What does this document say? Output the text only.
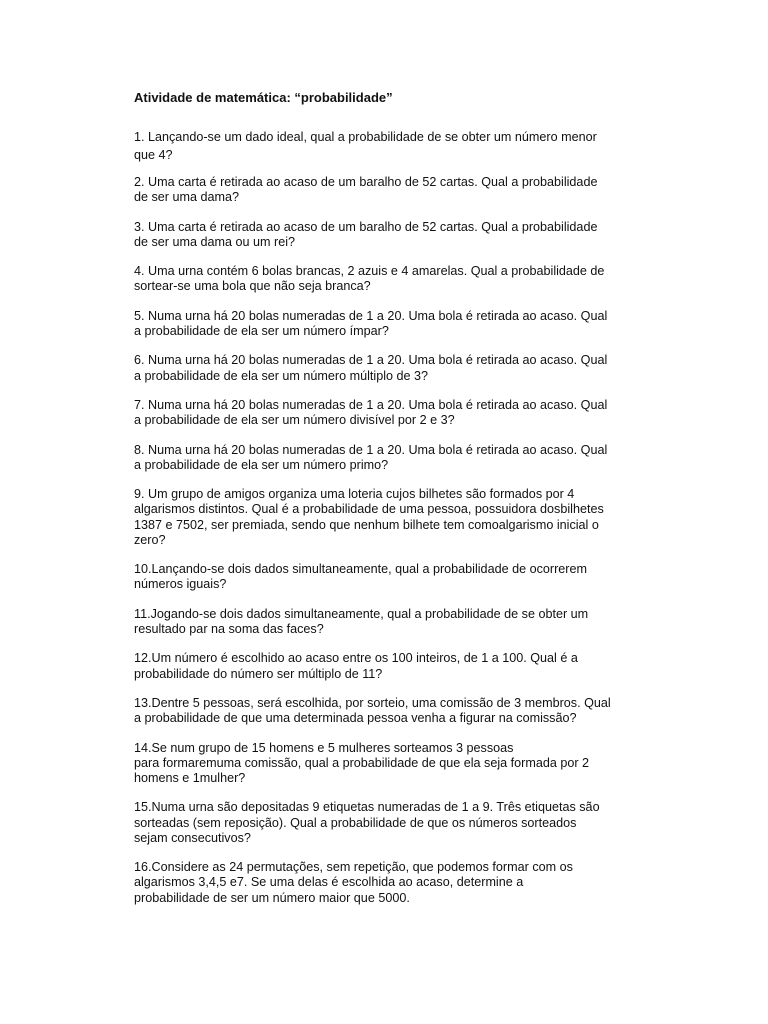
Atividade de matemática: “probabilidade”
1. Lançando-se um dado ideal, qual a probabilidade de se obter um número menor
que 4?
2. Uma carta é retirada ao acaso de um baralho de 52 cartas. Qual a probabilidade
de ser uma dama?
3. Uma carta é retirada ao acaso de um baralho de 52 cartas. Qual a probabilidade
de ser uma dama ou um rei?
4. Uma urna contém 6 bolas brancas, 2 azuis e 4 amarelas. Qual a probabilidade de
sortear-se uma bola que não seja branca?
5. Numa urna há 20 bolas numeradas de 1 a 20. Uma bola é retirada ao acaso. Qual
a probabilidade de ela ser um número ímpar?
6. Numa urna há 20 bolas numeradas de 1 a 20. Uma bola é retirada ao acaso. Qual
a probabilidade de ela ser um número múltiplo de 3?
7. Numa urna há 20 bolas numeradas de 1 a 20. Uma bola é retirada ao acaso. Qual
a probabilidade de ela ser um número divisível por 2 e 3?
8. Numa urna há 20 bolas numeradas de 1 a 20. Uma bola é retirada ao acaso. Qual
a probabilidade de ela ser um número primo?
9. Um grupo de amigos organiza uma loteria cujos bilhetes são formados por 4
algarismos distintos. Qual é a probabilidade de uma pessoa, possuidora dosbilhetes
1387 e 7502, ser premiada, sendo que nenhum bilhete tem comoalgarismo inicial o
zero?
10.Lançando-se dois dados simultaneamente, qual a probabilidade de ocorrerem
números iguais?
11.Jogando-se dois dados simultaneamente, qual a probabilidade de se obter um
resultado par na soma das faces?
12.Um número é escolhido ao acaso entre os 100 inteiros, de 1 a 100. Qual é a
probabilidade do número ser múltiplo de 11?
13.Dentre 5 pessoas, será escolhida, por sorteio, uma comissão de 3 membros. Qual
a probabilidade de que uma determinada pessoa venha a figurar na comissão?
14.Se num grupo de 15 homens e 5 mulheres sorteamos 3 pessoas
para formaremuma comissão, qual a probabilidade de que ela seja formada por 2
homens e 1mulher?
15.Numa urna são depositadas 9 etiquetas numeradas de 1 a 9. Três etiquetas são
sorteadas (sem reposição). Qual a probabilidade de que os números sorteados
sejam consecutivos?
16.Considere as 24 permutações, sem repetição, que podemos formar com os
algarismos 3,4,5 e7. Se uma delas é escolhida ao acaso, determine a
probabilidade de ser um número maior que 5000.
